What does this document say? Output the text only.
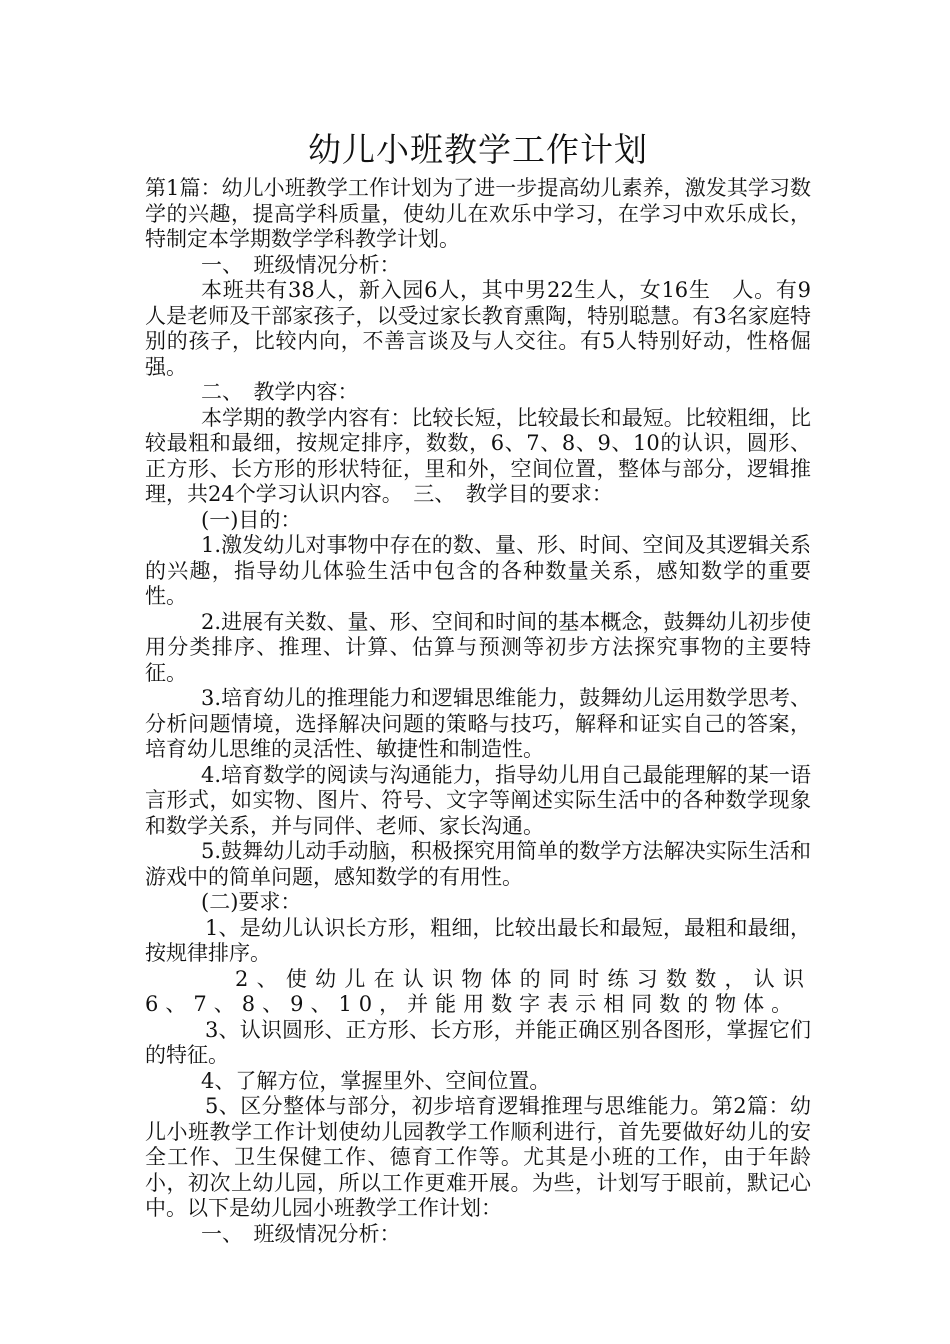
幼儿小班教学工作计划

第1篇：幼儿小班教学工作计划为了进一步提高幼儿素养，激发其学习数学的兴趣，提高学科质量，使幼儿在欢乐中学习，在学习中欢乐成长，特制定本学期数学学科教学计划。

一、　班级情况分析：

本班共有38人，新入园6人，其中男22生人，女16生　人。有9人是老师及干部家孩子，以受过家长教育熏陶，特别聪慧。有3名家庭特别的孩子，比较内向，不善言谈及与人交往。有5人特别好动，性格倔强。

二、　教学内容：

本学期的教学内容有：比较长短，比较最长和最短。比较粗细，比较最粗和最细，按规定排序，数数，6、7、8、9、10的认识，圆形、正方形、长方形的形状特征，里和外，空间位置，整体与部分，逻辑推理，共24个学习认识内容。　三、　教学目的要求：

(一)目的：

1.激发幼儿对事物中存在的数、量、形、时间、空间及其逻辑关系的兴趣，指导幼儿体验生活中包含的各种数量关系，感知数学的重要性。

2.进展有关数、量、形、空间和时间的基本概念，鼓舞幼儿初步使用分类排序、推理、计算、估算与预测等初步方法探究事物的主要特征。

3.培育幼儿的推理能力和逻辑思维能力，鼓舞幼儿运用数学思考、分析问题情境，选择解决问题的策略与技巧，解释和证实自己的答案，培育幼儿思维的灵活性、敏捷性和制造性。

4.培育数学的阅读与沟通能力，指导幼儿用自己最能理解的某一语言形式，如实物、图片、符号、文字等阐述实际生活中的各种数学现象和数学关系，并与同伴、老师、家长沟通。

5.鼓舞幼儿动手动脑，积极探究用简单的数学方法解决实际生活和游戏中的简单问题，感知数学的有用性。

(二)要求：

1、是幼儿认识长方形，粗细，比较出最长和最短，最粗和最细，按规律排序。

2、使幼儿在认识物体的同时练习数数，认识6、7、8、9、10，并能用数字表示相同数的物体。

3、认识圆形、正方形、长方形，并能正确区别各图形，掌握它们的特征。

4、了解方位，掌握里外、空间位置。

5、区分整体与部分，初步培育逻辑推理与思维能力。第2篇：幼儿小班教学工作计划使幼儿园教学工作顺利进行，首先要做好幼儿的安全工作、卫生保健工作、德育工作等。尤其是小班的工作，由于年龄小，初次上幼儿园，所以工作更难开展。为些，计划写于眼前，默记心中。以下是幼儿园小班教学工作计划：

一、　班级情况分析：
